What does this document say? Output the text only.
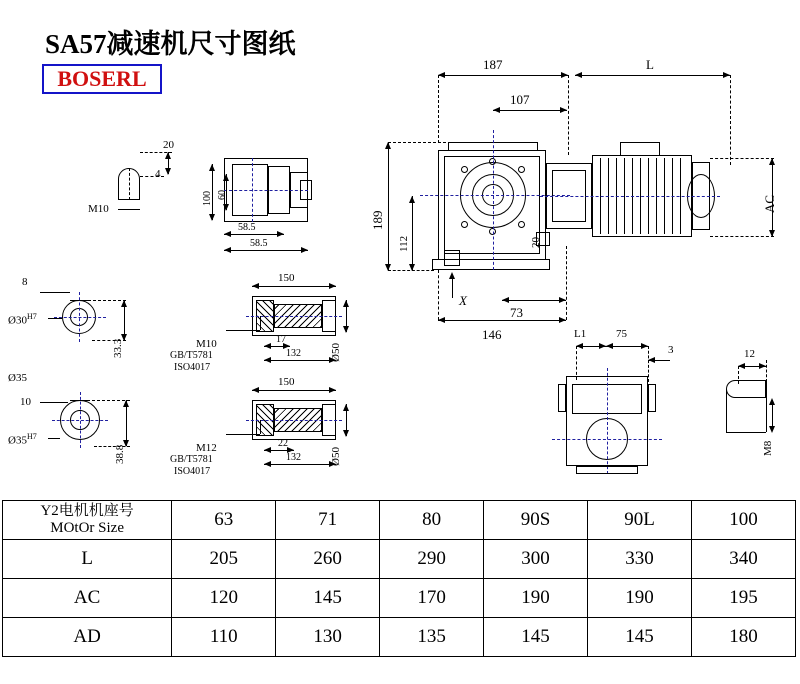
SA57减速机尺寸图纸
BOSERL
187	L
107
189
112
AC
146
73
X
20
20
4
M10
100 60
58.5
58.5
8
$Ø30^{H7}$
33.3
Ø35
10
$Ø35^{H7}$
38.8
150
17
132	Ø50
M10
GB/T5781
ISO4017
150
22
132	Ø50
M12
GB/T5781
ISO4017
L1	75
3	12
M8
Y2电机机座号
MOtOr Size	63	71	80	90S	90L	100
L	205	260	290	300	330	340
AC	120	145	170	190	190	195
AD	110	130	135	145	145	180
